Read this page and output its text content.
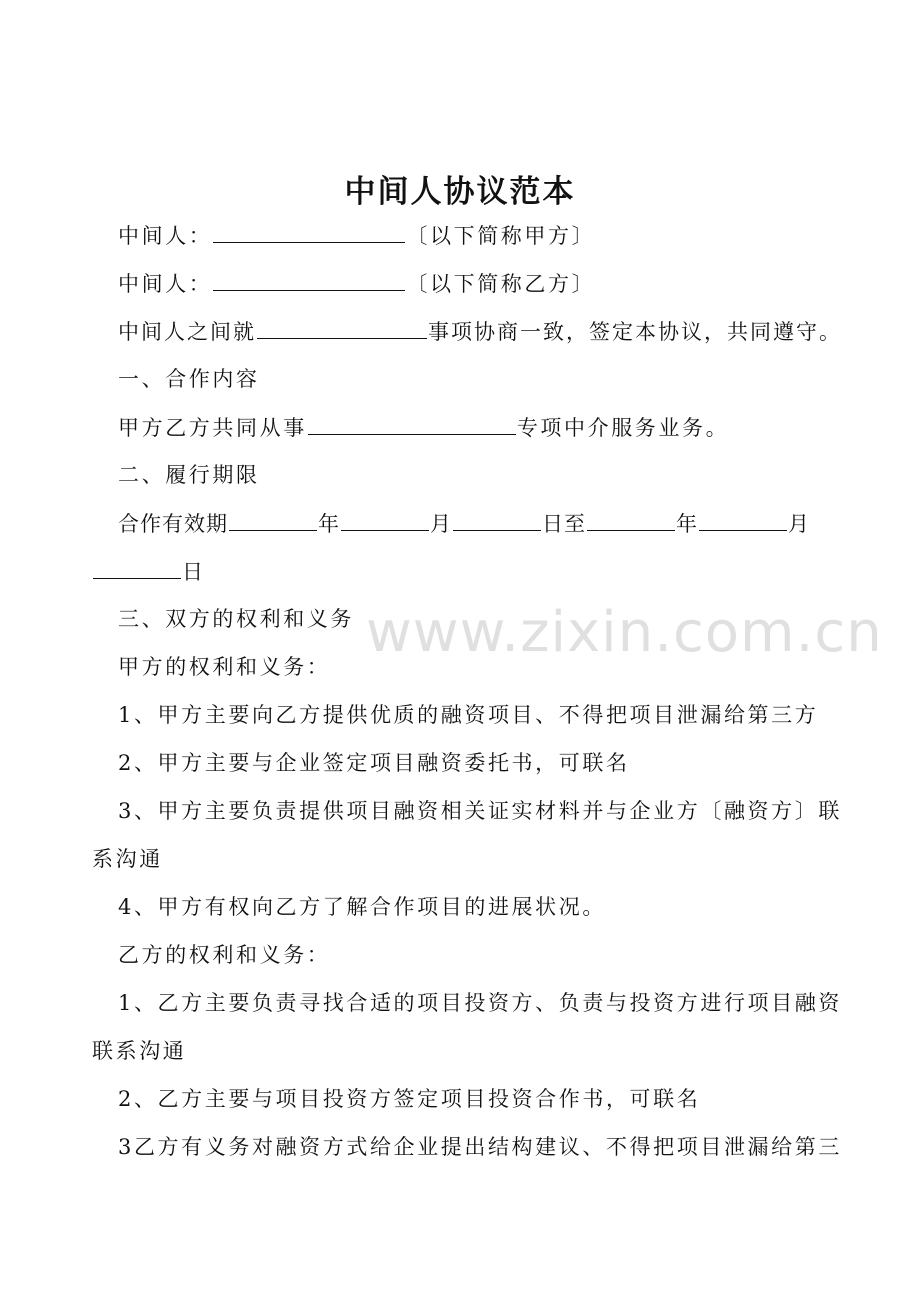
www.zixin.com.cn
中间人协议范本
中间人：	〔以下简称甲方〕
中间人：	〔以下简称乙方〕
中间人之间就	事项协商一致，签定本协议，共同遵守。
一、合作内容
甲方乙方共同从事	专项中介服务业务。
二、履行期限
合作有效期	年	月	日至	年	月
日
三、双方的权利和义务
甲方的权利和义务：
1、甲方主要向乙方提供优质的融资项目、不得把项目泄漏给第三方
2、甲方主要与企业签定项目融资委托书，可联名
3、甲方主要负责提供项目融资相关证实材料并与企业方〔融资方〕联
系沟通
4、甲方有权向乙方了解合作项目的进展状况。
乙方的权利和义务：
1、乙方主要负责寻找合适的项目投资方、负责与投资方进行项目融资
联系沟通
2、乙方主要与项目投资方签定项目投资合作书，可联名
3乙方有义务对融资方式给企业提出结构建议、不得把项目泄漏给第三
